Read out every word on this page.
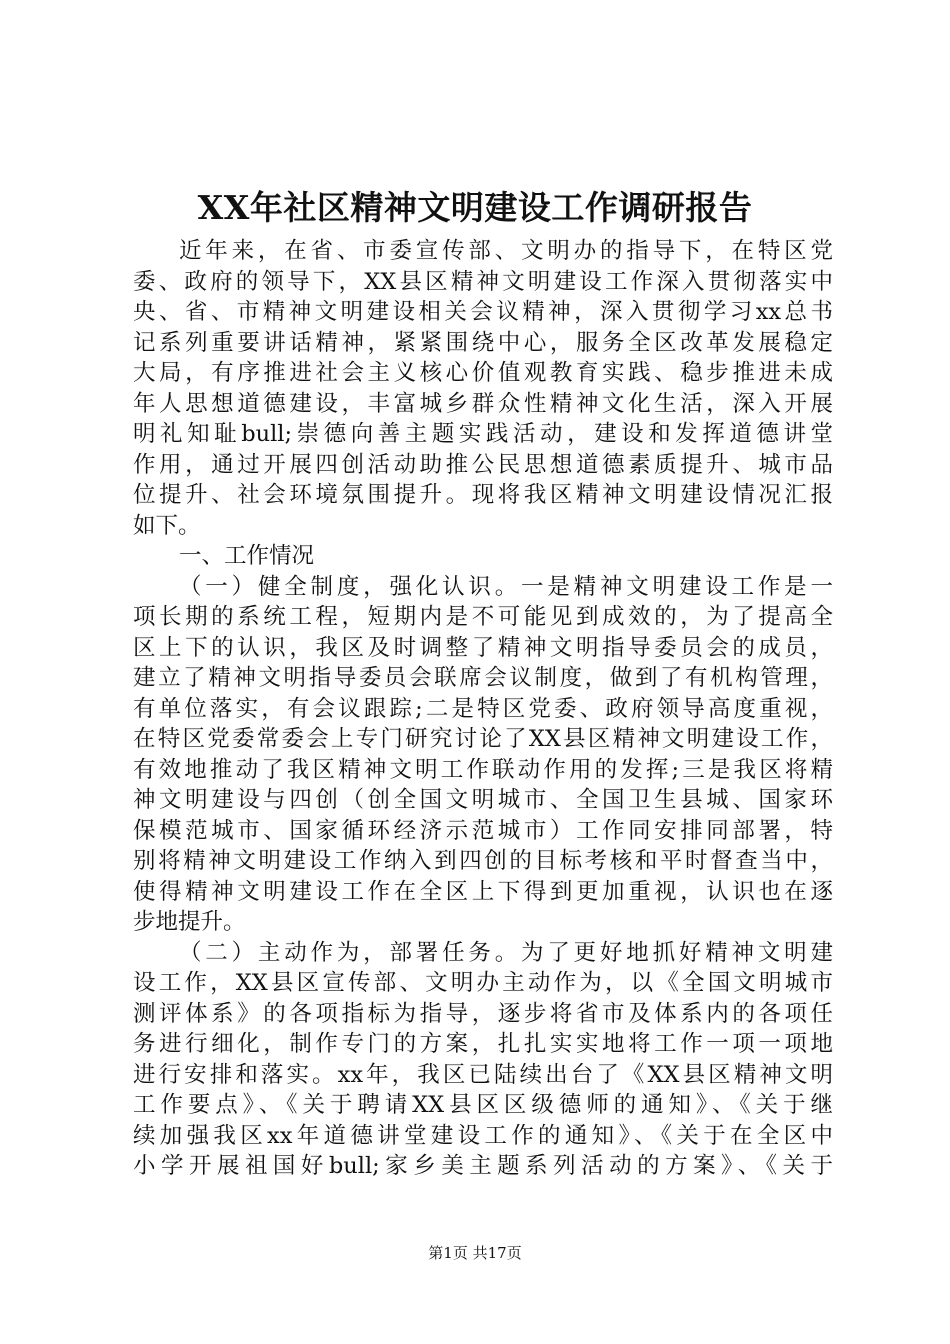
XX年社区精神文明建设工作调研报告
近年来，在省、市委宣传部、文明办的指导下，在特区党
委、政府的领导下，XX县区精神文明建设工作深入贯彻落实中
央、省、市精神文明建设相关会议精神，深入贯彻学习xx总书
记系列重要讲话精神，紧紧围绕中心，服务全区改革发展稳定
大局，有序推进社会主义核心价值观教育实践、稳步推进未成
年人思想道德建设，丰富城乡群众性精神文化生活，深入开展
明礼知耻bull;崇德向善主题实践活动，建设和发挥道德讲堂
作用，通过开展四创活动助推公民思想道德素质提升、城市品
位提升、社会环境氛围提升。现将我区精神文明建设情况汇报
如下。
一、工作情况
（一）健全制度，强化认识。一是精神文明建设工作是一
项长期的系统工程，短期内是不可能见到成效的，为了提高全
区上下的认识，我区及时调整了精神文明指导委员会的成员，
建立了精神文明指导委员会联席会议制度，做到了有机构管理，
有单位落实，有会议跟踪;二是特区党委、政府领导高度重视，
在特区党委常委会上专门研究讨论了XX县区精神文明建设工作，
有效地推动了我区精神文明工作联动作用的发挥;三是我区将精
神文明建设与四创（创全国文明城市、全国卫生县城、国家环
保模范城市、国家循环经济示范城市）工作同安排同部署，特
别将精神文明建设工作纳入到四创的目标考核和平时督查当中，
使得精神文明建设工作在全区上下得到更加重视，认识也在逐
步地提升。
（二）主动作为，部署任务。为了更好地抓好精神文明建
设工作，XX县区宣传部、文明办主动作为，以《全国文明城市
测评体系》的各项指标为指导，逐步将省市及体系内的各项任
务进行细化，制作专门的方案，扎扎实实地将工作一项一项地
进行安排和落实。xx年，我区已陆续出台了《XX县区精神文明
工作要点》、《关于聘请XX县区区级德师的通知》、《关于继
续加强我区xx年道德讲堂建设工作的通知》、《关于在全区中
小学开展祖国好bull;家乡美主题系列活动的方案》、《关于
第1页 共17页
